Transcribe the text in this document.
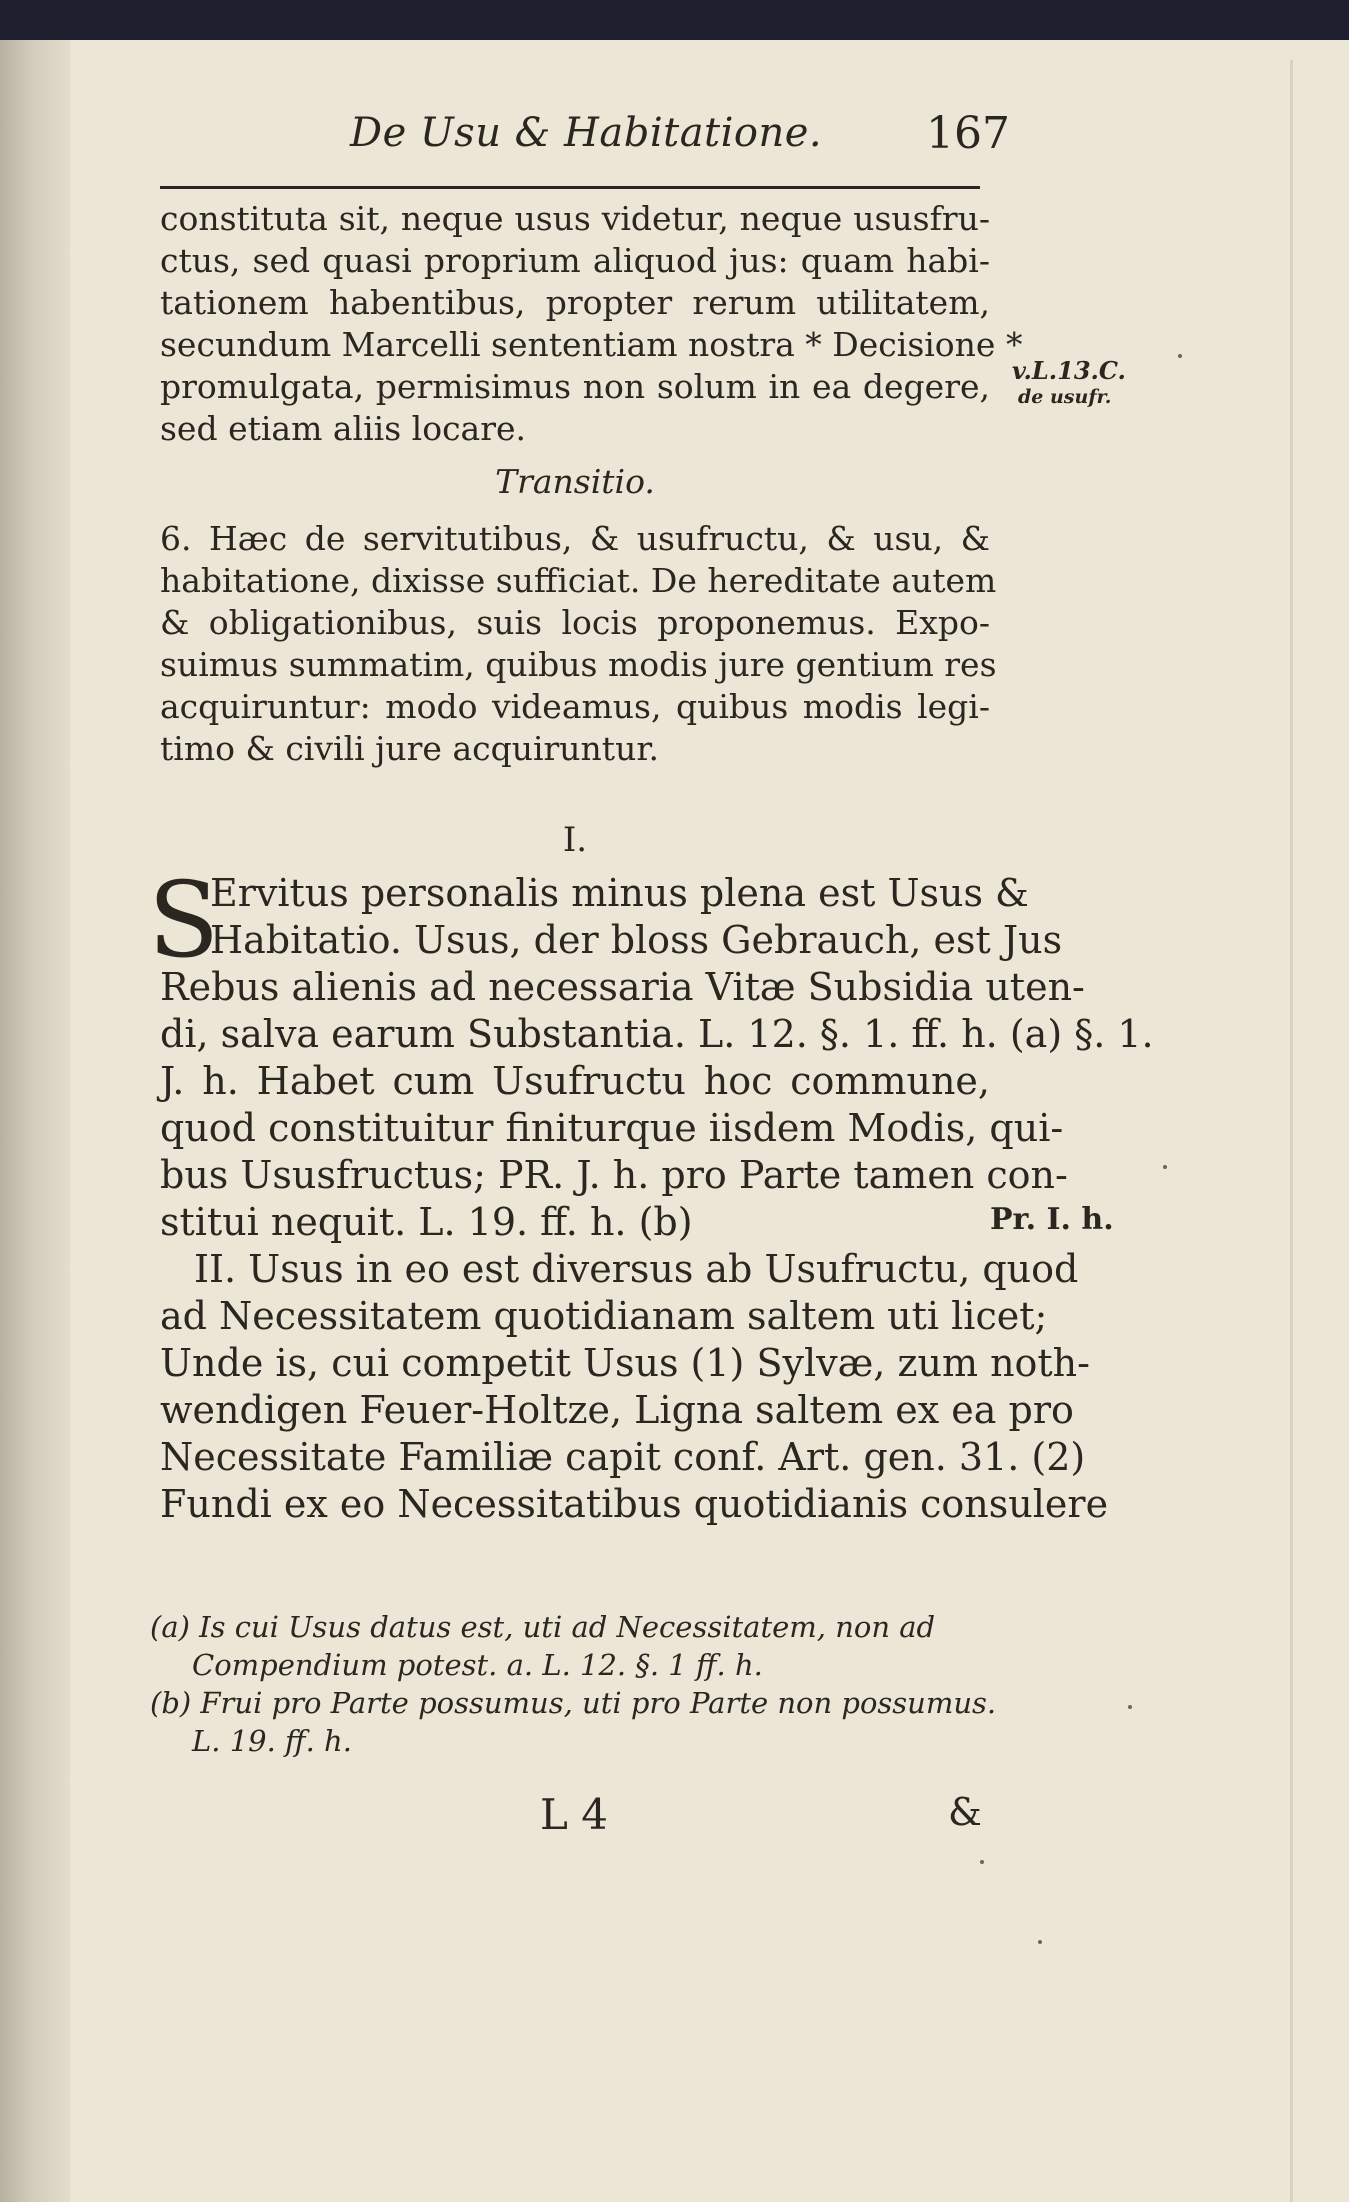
De Usu & Habitatione. 167
constituta sit, neque usus videtur, neque ususfru-
ctus, sed quasi proprium aliquod jus: quam habi-
tationem habentibus, propter rerum utilitatem,
secundum Marcelli sententiam nostra * Decisione *
promulgata, permisimus non solum in ea degere,
sed etiam aliis locare.
v.L.13.C.
de usufr.
Transitio.
6. Hæc de servitutibus, & usufructu, & usu, &
habitatione, dixisse sufficiat. De hereditate autem
& obligationibus, suis locis proponemus. Expo-
suimus summatim, quibus modis jure gentium res
acquiruntur: modo videamus, quibus modis legi-
timo & civili jure acquiruntur.
I.
S
Ervitus personalis minus plena est Usus &
Habitatio. Usus, der bloss Gebrauch, est Jus
Rebus alienis ad necessaria Vitæ Subsidia uten-
di, salva earum Substantia. L. 12. §. 1. ff. h. (a) §. 1.
J. h. Habet cum Usufructu hoc commune,
quod constituitur finiturque iisdem Modis, qui-
bus Ususfructus; PR. J. h. pro Parte tamen con-
stitui nequit. L. 19. ff. h. (b)
II. Usus in eo est diversus ab Usufructu, quod
ad Necessitatem quotidianam saltem uti licet;
Unde is, cui competit Usus (1) Sylvæ, zum noth-
wendigen Feuer-Holtze, Ligna saltem ex ea pro
Necessitate Familiæ capit conf. Art. gen. 31. (2)
Fundi ex eo Necessitatibus quotidianis consulere
Pr. I. h.
(a) Is cui Usus datus est, uti ad Necessitatem, non ad
Compendium potest. a. L. 12. §. 1 ff. h.
(b) Frui pro Parte possumus, uti pro Parte non possumus.
L. 19. ff. h.
L 4	&
